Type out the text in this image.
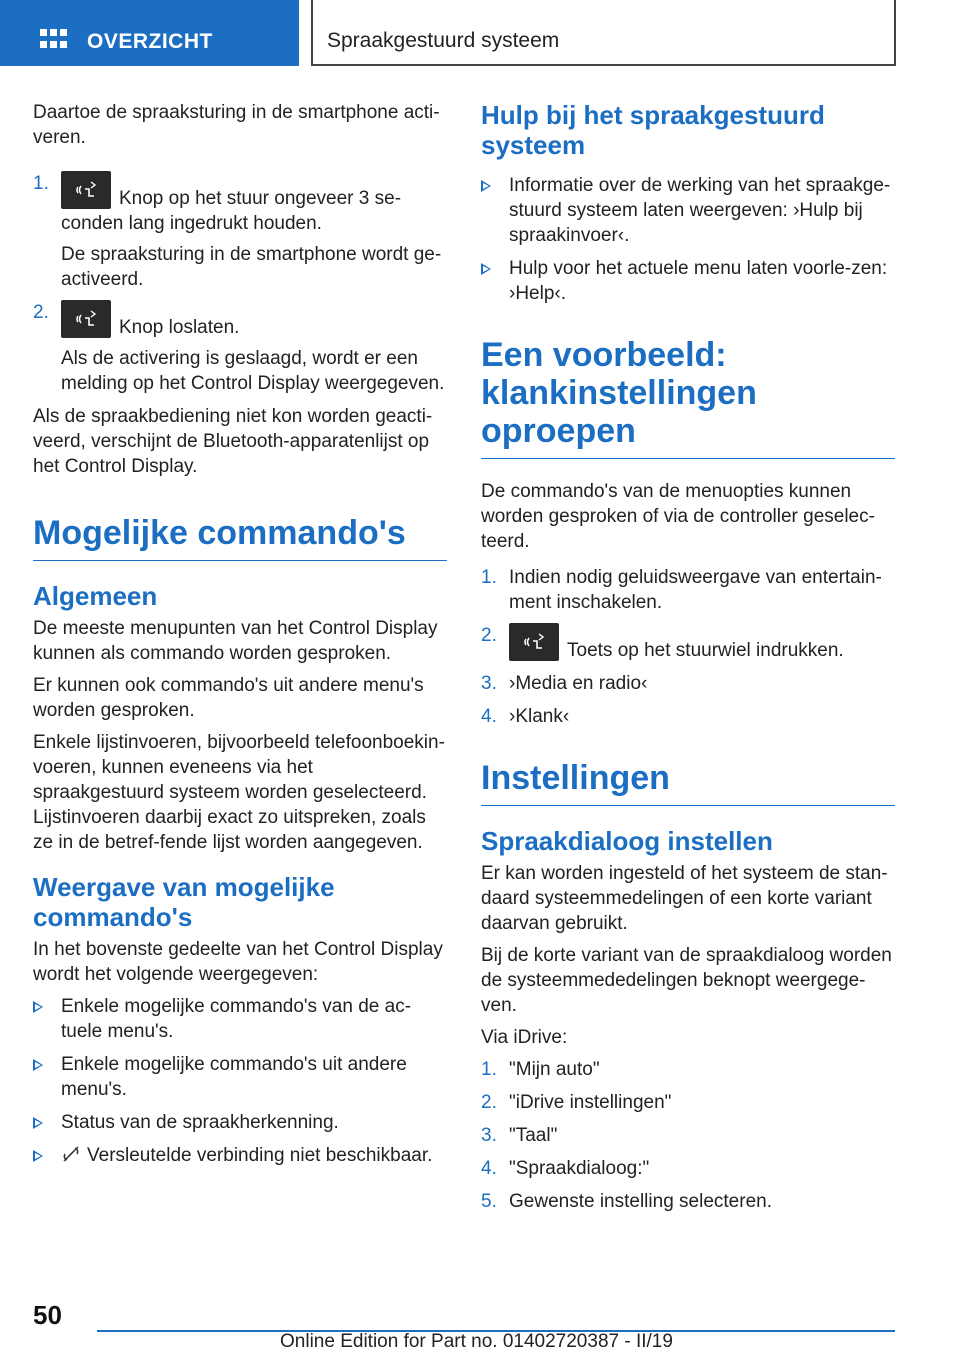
OVERZICHT	Spraakgestuurd systeem

Daartoe de spraaksturing in de smartphone acti-veren.

1.

Knop op het stuur ongeveer 3 se-conden lang ingedrukt houden.

De spraaksturing in de smartphone wordt ge-activeerd.

2.

Knop loslaten.

Als de activering is geslaagd, wordt er een melding op het Control Display weergegeven.

Als de spraakbediening niet kon worden geacti-veerd, verschijnt de Bluetooth-apparatenlijst op het Control Display.

Mogelijke commando's
Algemeen

De meeste menupunten van het Control Display kunnen als commando worden gesproken.

Er kunnen ook commando's uit andere menu's worden gesproken.

Enkele lijstinvoeren, bijvoorbeeld telefoonboekin-voeren, kunnen eveneens via het spraakgestuurd systeem worden geselecteerd. Lijstinvoeren daarbij exact zo uitspreken, zoals ze in de betref-fende lijst worden aangegeven.

Weergave van mogelijke commando's

In het bovenste gedeelte van het Control Display wordt het volgende weergegeven:

Enkele mogelijke commando's van de ac-tuele menu's.

Enkele mogelijke commando's uit andere menu's.

Status van de spraakherkenning.

Versleutelde verbinding niet beschikbaar.

Hulp bij het spraakgestuurd systeem

Informatie over de werking van het spraakge-stuurd systeem laten weergeven: ›Hulp bij spraakinvoer‹.

Hulp voor het actuele menu laten voorle-zen: ›Help‹.

Een voorbeeld: klankinstellingen oproepen

De commando's van de menuopties kunnen worden gesproken of via de controller geselec-teerd.

1. Indien nodig geluidsweergave van entertain-ment inschakelen.

2.

Toets op het stuurwiel indrukken.

3. ›Media en radio‹

4. ›Klank‹

Instellingen
Spraakdialoog instellen

Er kan worden ingesteld of het systeem de stan-daard systeemmedelingen of een korte variant daarvan gebruikt.

Bij de korte variant van de spraakdialoog worden de systeemmededelingen beknopt weergege-ven.

Via iDrive:

1. "Mijn auto"

2. "iDrive instellingen"

3. "Taal"

4. "Spraakdialoog:"

5. Gewenste instelling selecteren.

50
Online Edition for Part no. 01402720387 - II/19
